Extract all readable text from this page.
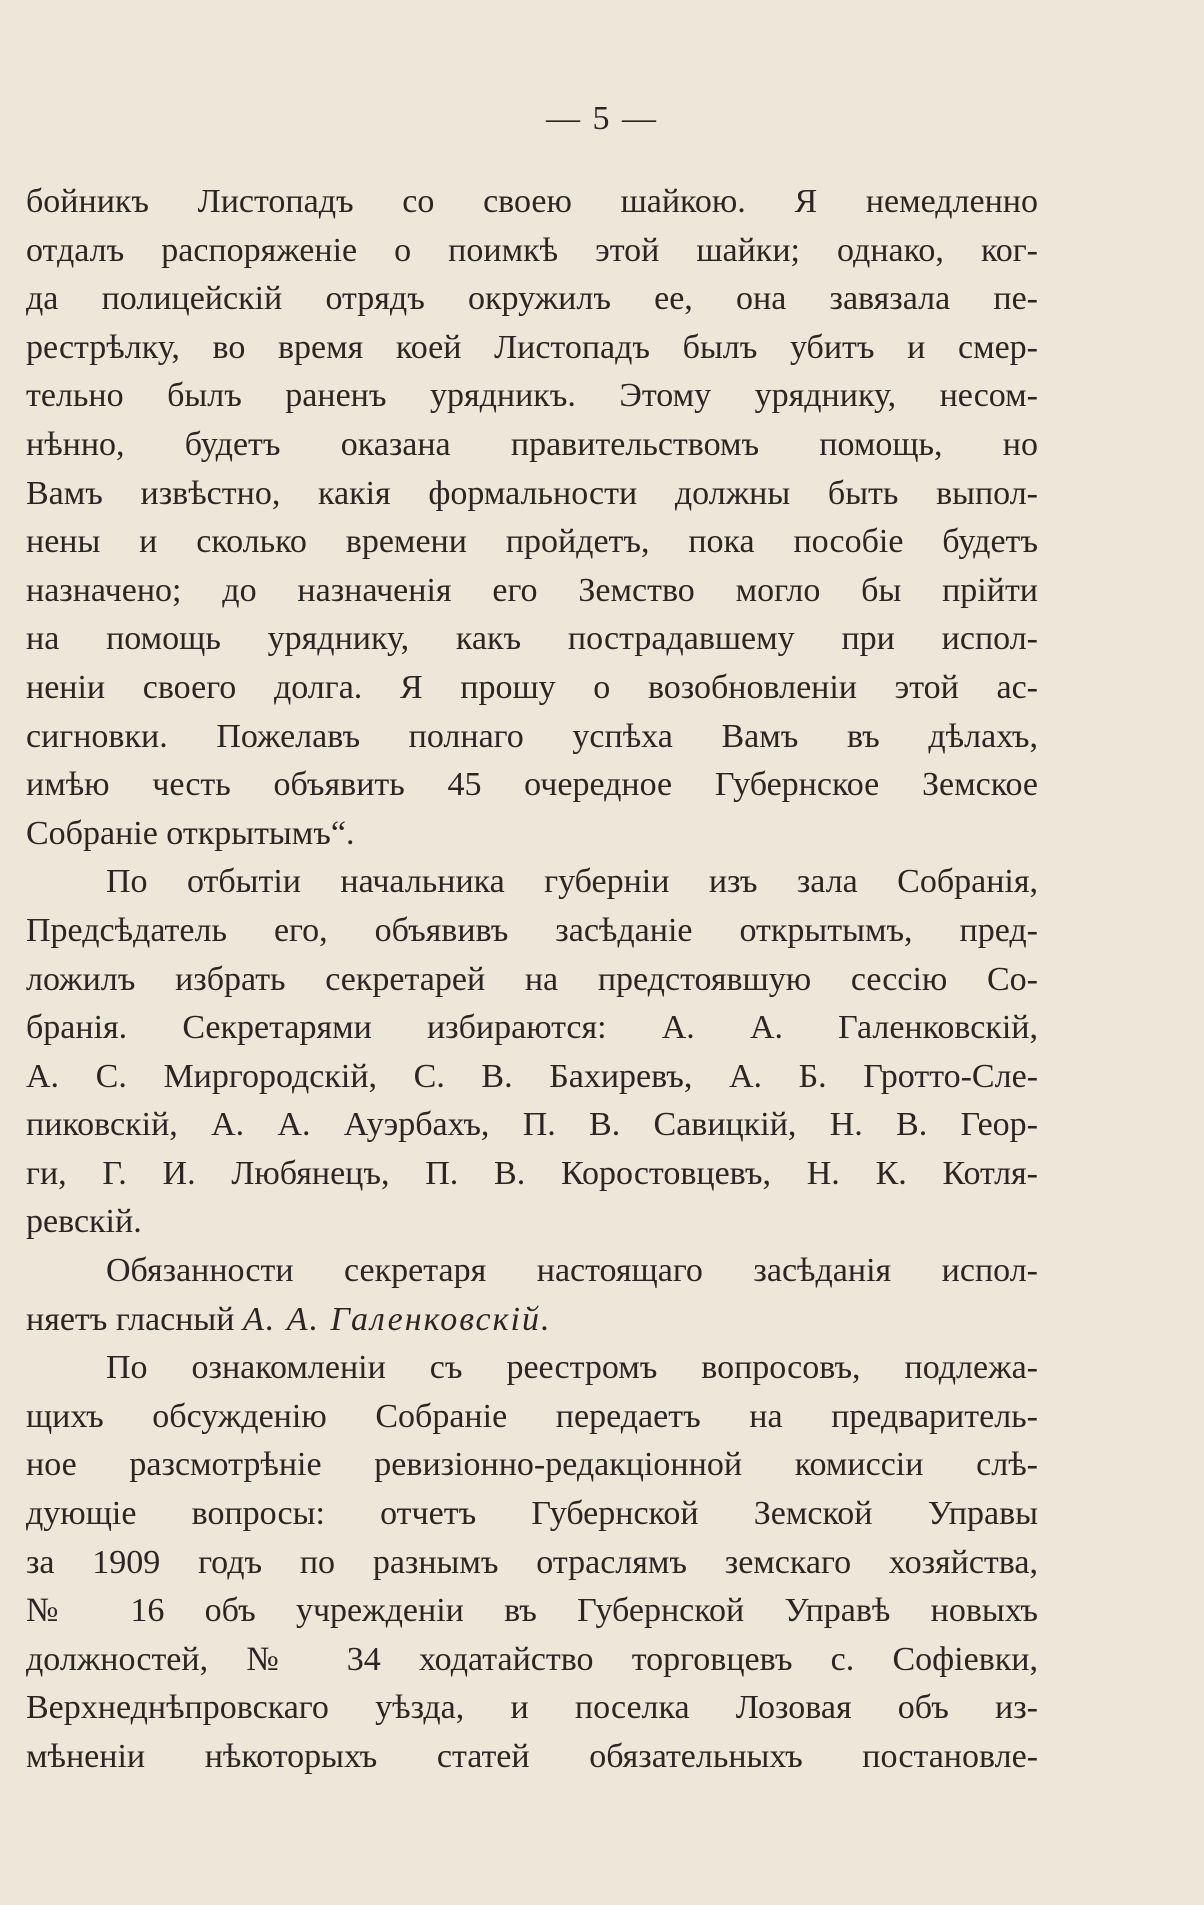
— 5 —
бойникъ Листопадъ со своею шайкою. Я немедленно
отдалъ распоряженіе о поимкѣ этой шайки; однако, ког-
да полицейскій отрядъ окружилъ ее, она завязала пе-
рестрѣлку, во время коей Листопадъ былъ убитъ и смер-
тельно былъ раненъ урядникъ. Этому уряднику, несом-
нѣнно, будетъ оказана правительствомъ помощь, но
Вамъ извѣстно, какія формальности должны быть выпол-
нены и сколько времени пройдетъ, пока пособіе будетъ
назначено; до назначенія его Земство могло бы прійти
на помощь уряднику, какъ пострадавшему при испол-
неніи своего долга. Я прошу о возобновленіи этой ас-
сигновки. Пожелавъ полнаго успѣха Вамъ въ дѣлахъ,
имѣю честь объявить 45 очередное Губернское Земское
Собраніе открытымъ“.
По отбытіи начальника губерніи изъ зала Собранія,
Предсѣдатель его, объявивъ засѣданіе открытымъ, пред-
ложилъ избрать секретарей на предстоявшую сессію Со-
бранія. Секретарями избираются: А. А. Галенковскій,
А. С. Миргородскій, С. В. Бахиревъ, А. Б. Гротто-Сле-
пиковскій, А. А. Ауэрбахъ, П. В. Савицкій, Н. В. Геор-
ги, Г. И. Любянецъ, П. В. Коростовцевъ, Н. К. Котля-
ревскій.
Обязанности секретаря настоящаго засѣданія испол-
няетъ гласный А. А. Галенковскій.
По ознакомленіи съ реестромъ вопросовъ, подлежа-
щихъ обсужденію Собраніе передаетъ на предваритель-
ное разсмотрѣніе ревизіонно-редакціонной комиссіи слѣ-
дующіе вопросы: отчетъ Губернской Земской Управы
за 1909 годъ по разнымъ отраслямъ земскаго хозяйства,
№ 16 объ учрежденіи въ Губернской Управѣ новыхъ
должностей, № 34 ходатайство торговцевъ с. Софіевки,
Верхнеднѣпровскаго уѣзда, и поселка Лозовая объ из-
мѣненіи нѣкоторыхъ статей обязательныхъ постановле-
